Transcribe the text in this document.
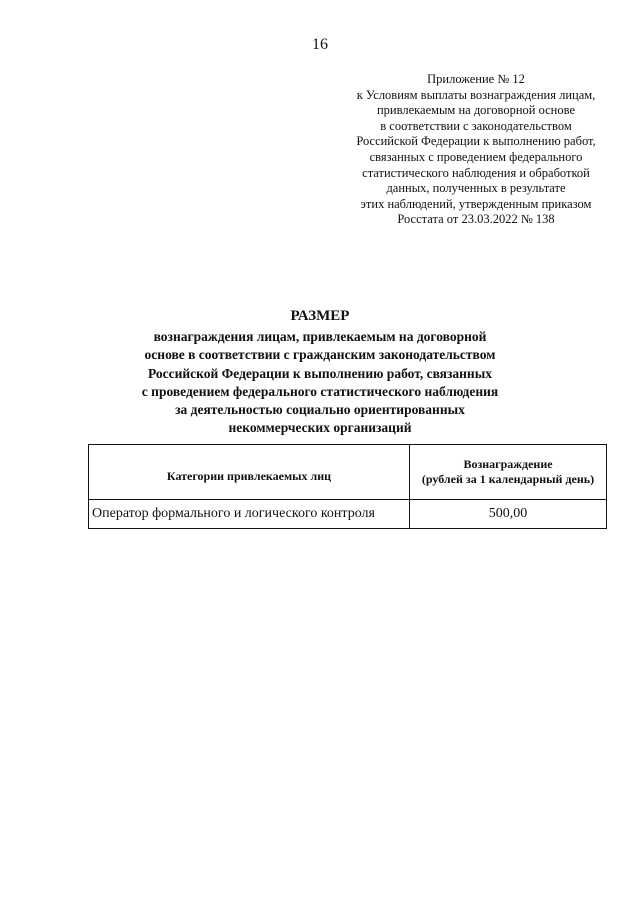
16
Приложение № 12
к Условиям выплаты вознаграждения лицам,
привлекаемым на договорной основе
в соответствии с законодательством
Российской Федерации к выполнению работ,
связанных с проведением федерального
статистического наблюдения и обработкой
данных, полученных в результате
этих наблюдений, утвержденным приказом
Росстата от 23.03.2022 № 138
РАЗМЕР
вознаграждения лицам, привлекаемым на договорной
основе в соответствии с гражданским законодательством
Российской Федерации к выполнению работ, связанных
с проведением федерального статистического наблюдения
за деятельностью социально ориентированных
некоммерческих организаций
Категории привлекаемых лиц	Вознаграждение
(рублей за 1 календарный день)

Оператор формального и логического контроля	500,00
